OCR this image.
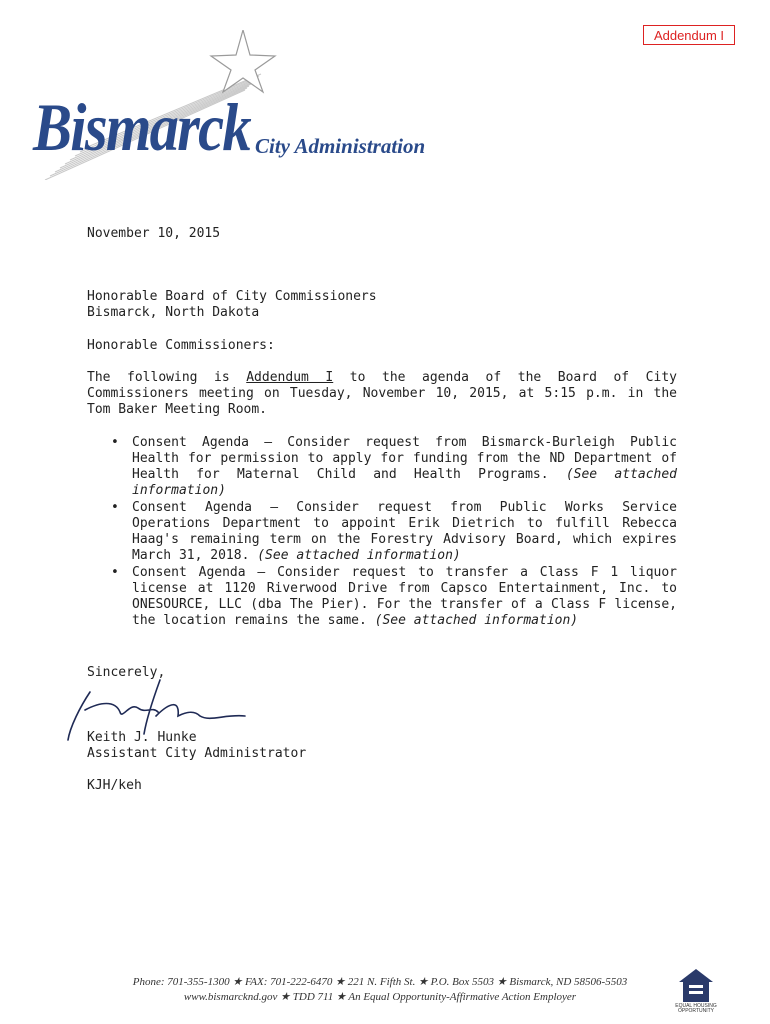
Addendum I
Bismarck City Administration
November 10, 2015
Honorable Board of City Commissioners
Bismarck, North Dakota
Honorable Commissioners:
The following is Addendum I to the agenda of the Board of City Commissioners meeting on Tuesday, November 10, 2015, at 5:15 p.m. in the Tom Baker Meeting Room.
• Consent Agenda – Consider request from Bismarck-Burleigh Public Health for permission to apply for funding from the ND Department of Health for Maternal Child and Health Programs. (See attached information)
• Consent Agenda – Consider request from Public Works Service Operations Department to appoint Erik Dietrich to fulfill Rebecca Haag's remaining term on the Forestry Advisory Board, which expires March 31, 2018. (See attached information)
• Consent Agenda – Consider request to transfer a Class F 1 liquor license at 1120 Riverwood Drive from Capsco Entertainment, Inc. to ONESOURCE, LLC (dba The Pier). For the transfer of a Class F license, the location remains the same. (See attached information)
Sincerely,
Keith J. Hunke
Assistant City Administrator
KJH/keh
Phone: 701-355-1300 ★ FAX: 701-222-6470 ★ 221 N. Fifth St. ★ P.O. Box 5503 ★ Bismarck, ND 58506-5503
www.bismarcknd.gov ★ TDD 711 ★ An Equal Opportunity-Affirmative Action Employer
EQUAL HOUSING OPPORTUNITY
